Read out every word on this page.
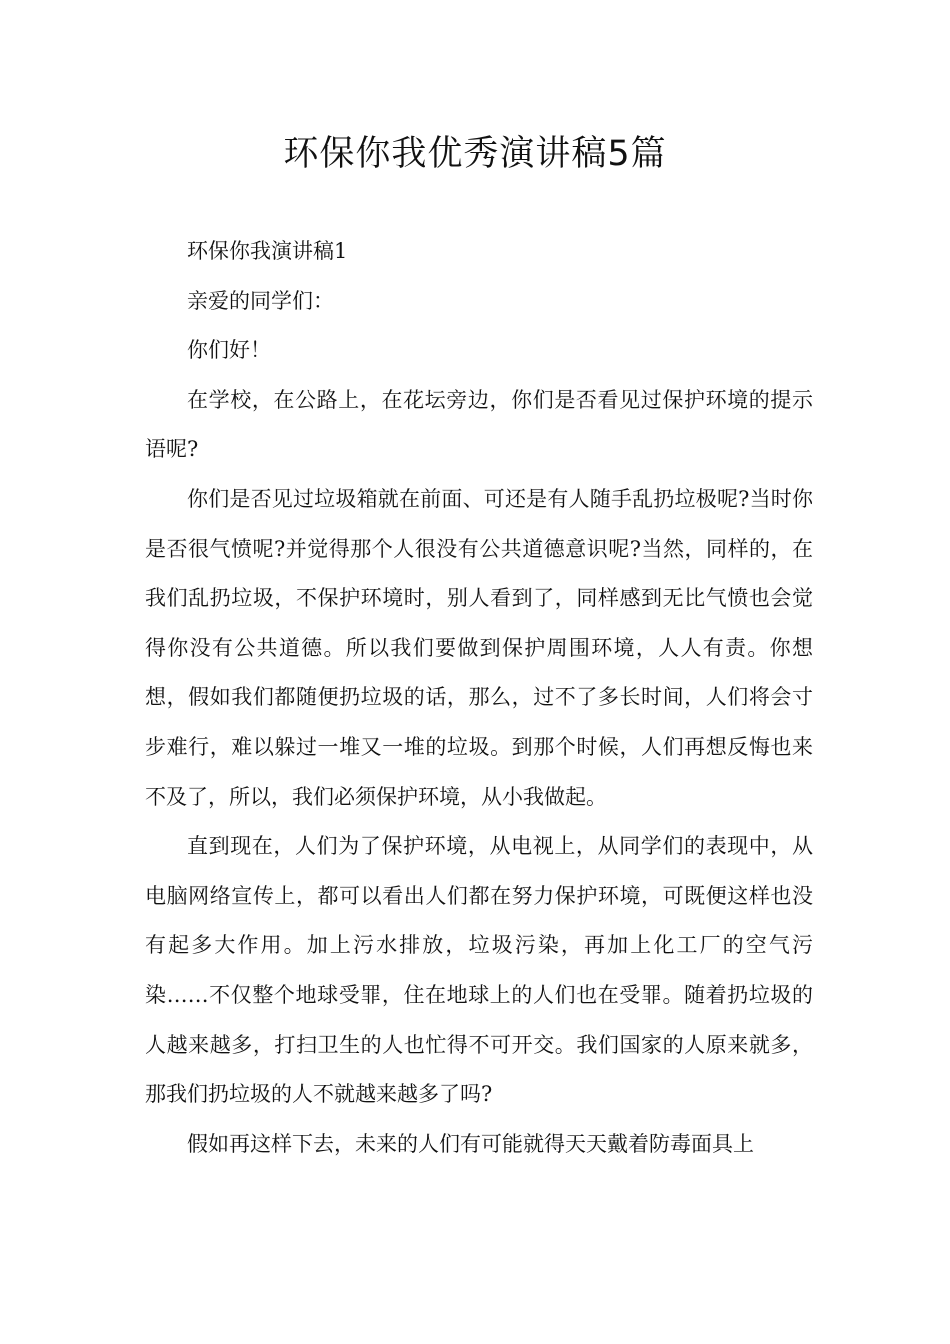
环保你我优秀演讲稿5篇

环保你我演讲稿1

亲爱的同学们：

你们好！

在学校，在公路上，在花坛旁边，你们是否看见过保护环境的提示语呢?

你们是否见过垃圾箱就在前面、可还是有人随手乱扔垃极呢?当时你是否很气愤呢?并觉得那个人很没有公共道德意识呢?当然，同样的，在我们乱扔垃圾，不保护环境时，别人看到了，同样感到无比气愤也会觉得你没有公共道德。所以我们要做到保护周围环境，人人有责。你想想，假如我们都随便扔垃圾的话，那么，过不了多长时间，人们将会寸步难行，难以躲过一堆又一堆的垃圾。到那个时候，人们再想反悔也来不及了，所以，我们必须保护环境，从小我做起。

直到现在，人们为了保护环境，从电视上，从同学们的表现中，从电脑网络宣传上，都可以看出人们都在努力保护环境，可既便这样也没有起多大作用。加上污水排放，垃圾污染，再加上化工厂的空气污染……不仅整个地球受罪，住在地球上的人们也在受罪。随着扔垃圾的人越来越多，打扫卫生的人也忙得不可开交。我们国家的人原来就多，那我们扔垃圾的人不就越来越多了吗?

假如再这样下去，未来的人们有可能就得天天戴着防毒面具上
